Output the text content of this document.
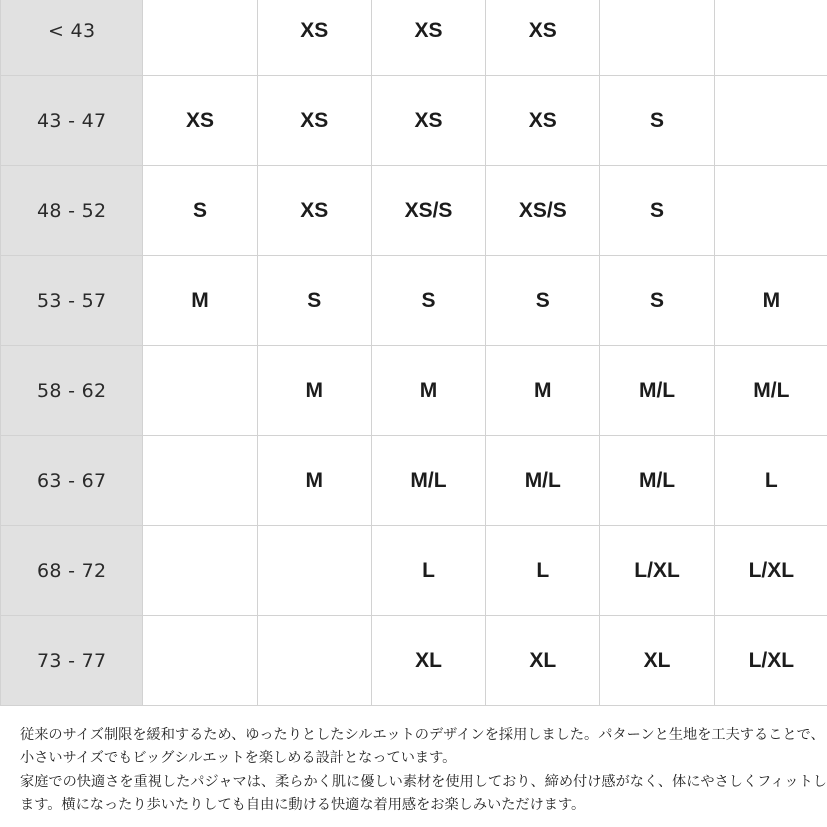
< 43		XS	XS	XS		
43 - 47	XS	XS	XS	XS	S	
48 - 52	S	XS	XS/S	XS/S	S	
53 - 57	M	S	S	S	S	M
58 - 62		M	M	M	M/L	M/L
63 - 67		M	M/L	M/L	M/L	L
68 - 72			L	L	L/XL	L/XL
73 - 77			XL	XL	XL	L/XL

従来のサイズ制限を緩和するため、ゆったりとしたシルエットのデザインを採用しました。パターンと生地を工夫することで、

小さいサイズでもビッグシルエットを楽しめる設計となっています。

家庭での快適さを重視したパジャマは、柔らかく肌に優しい素材を使用しており、締め付け感がなく、体にやさしくフィットし

ます。横になったり歩いたりしても自由に動ける快適な着用感をお楽しみいただけます。
